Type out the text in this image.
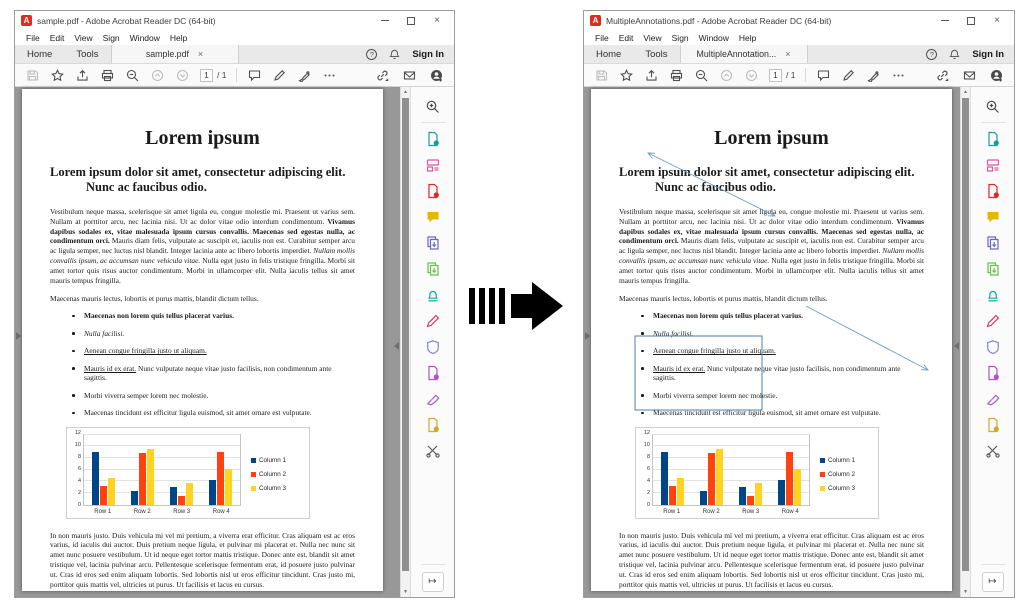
A sample.pdf - Adobe Acrobat Reader DC (64-bit)	×
File	Edit	View	Sign	Window	Help
Home	Tools	sample.pdf ×	?	Sign In
1 / 1
Lorem ipsum
Lorem ipsum dolor sit amet, consectetur adipiscing elit. Nunc ac faucibus odio.
Vestibulum neque massa, scelerisque sit amet ligula eu, congue molestie mi. Praesent ut varius sem. Nullam at porttitor arcu, nec lacinia nisi. Ut ac dolor vitae odio interdum condimentum. Vivamus dapibus sodales ex, vitae malesuada ipsum cursus convallis. Maecenas sed egestas nulla, ac condimentum orci. Mauris diam felis, vulputate ac suscipit et, iaculis non est. Curabitur semper arcu ac ligula semper, nec luctus nisl blandit. Integer lacinia ante ac libero lobortis imperdiet. Nullam mollis convallis ipsum, ac accumsan nunc vehicula vitae. Nulla eget justo in felis tristique fringilla. Morbi sit amet tortor quis risus auctor condimentum. Morbi in ullamcorper elit. Nulla iaculis tellus sit amet mauris tempus fringilla.
Maecenas mauris lectus, lobortis et purus mattis, blandit dictum tellus.
Maecenas non lorem quis tellus placerat varius.
Nulla facilisi.
Aenean congue fringilla justo ut aliquam.
Mauris id ex erat. Nunc vulputate neque vitae justo facilisis, non condimentum ante sagittis.
Morbi viverra semper lorem nec molestie.
Maecenas tincidunt est efficitur ligula euismod, sit amet ornare est vulputate.
0
2
4
6
8
10
12
Row 1	Row 2	Row 3	Row 4
Column 1
Column 2
Column 3
In non mauris justo. Duis vehicula mi vel mi pretium, a viverra erat efficitur. Cras aliquam est ac eros varius, id iaculis dui auctor. Duis pretium neque ligula, et pulvinar mi placerat et. Nulla nec nunc sit amet nunc posuere vestibulum. Ut id neque eget tortor mattis tristique. Donec ante est, blandit sit amet tristique vel, lacinia pulvinar arcu. Pellentesque scelerisque fermentum erat, id posuere justo pulvinar ut. Cras id eros sed enim aliquam lobortis. Sed lobortis nisl ut eros efficitur tincidunt. Cras justo mi, porttitor quis mattis vel, ultricies ut purus. Ut facilisis et lacus eu cursus.
▲
▼
↦
A MultipleAnnotations.pdf - Adobe Acrobat Reader DC (64-bit)	×
File	Edit	View	Sign	Window	Help
Home	Tools	MultipleAnnotation... ×	?	Sign In
1 / 1
Lorem ipsum
Lorem ipsum dolor sit amet, consectetur adipiscing elit. Nunc ac faucibus odio.
Vestibulum neque massa, scelerisque sit amet ligula eu, congue molestie mi. Praesent ut varius sem. Nullam at porttitor arcu, nec lacinia nisi. Ut ac dolor vitae odio interdum condimentum. Vivamus dapibus sodales ex, vitae malesuada ipsum cursus convallis. Maecenas sed egestas nulla, ac condimentum orci. Mauris diam felis, vulputate ac suscipit et, iaculis non est. Curabitur semper arcu ac ligula semper, nec luctus nisl blandit. Integer lacinia ante ac libero lobortis imperdiet. Nullam mollis convallis ipsum, ac accumsan nunc vehicula vitae. Nulla eget justo in felis tristique fringilla. Morbi sit amet tortor quis risus auctor condimentum. Morbi in ullamcorper elit. Nulla iaculis tellus sit amet mauris tempus fringilla.
Maecenas mauris lectus, lobortis et purus mattis, blandit dictum tellus.
Maecenas non lorem quis tellus placerat varius.
Nulla facilisi.
Aenean congue fringilla justo ut aliquam.
Mauris id ex erat. Nunc vulputate neque vitae justo facilisis, non condimentum ante sagittis.
Morbi viverra semper lorem nec molestie.
Maecenas tincidunt est efficitur ligula euismod, sit amet ornare est vulputate.
0
2
4
6
8
10
12
Row 1	Row 2	Row 3	Row 4
Column 1
Column 2
Column 3
In non mauris justo. Duis vehicula mi vel mi pretium, a viverra erat efficitur. Cras aliquam est ac eros varius, id iaculis dui auctor. Duis pretium neque ligula, et pulvinar mi placerat et. Nulla nec nunc sit amet nunc posuere vestibulum. Ut id neque eget tortor mattis tristique. Donec ante est, blandit sit amet tristique vel, lacinia pulvinar arcu. Pellentesque scelerisque fermentum erat, id posuere justo pulvinar ut. Cras id eros sed enim aliquam lobortis. Sed lobortis nisl ut eros efficitur tincidunt. Cras justo mi, porttitor quis mattis vel, ultricies ut purus. Ut facilisis et lacus eu cursus.
▲
▼
↦
